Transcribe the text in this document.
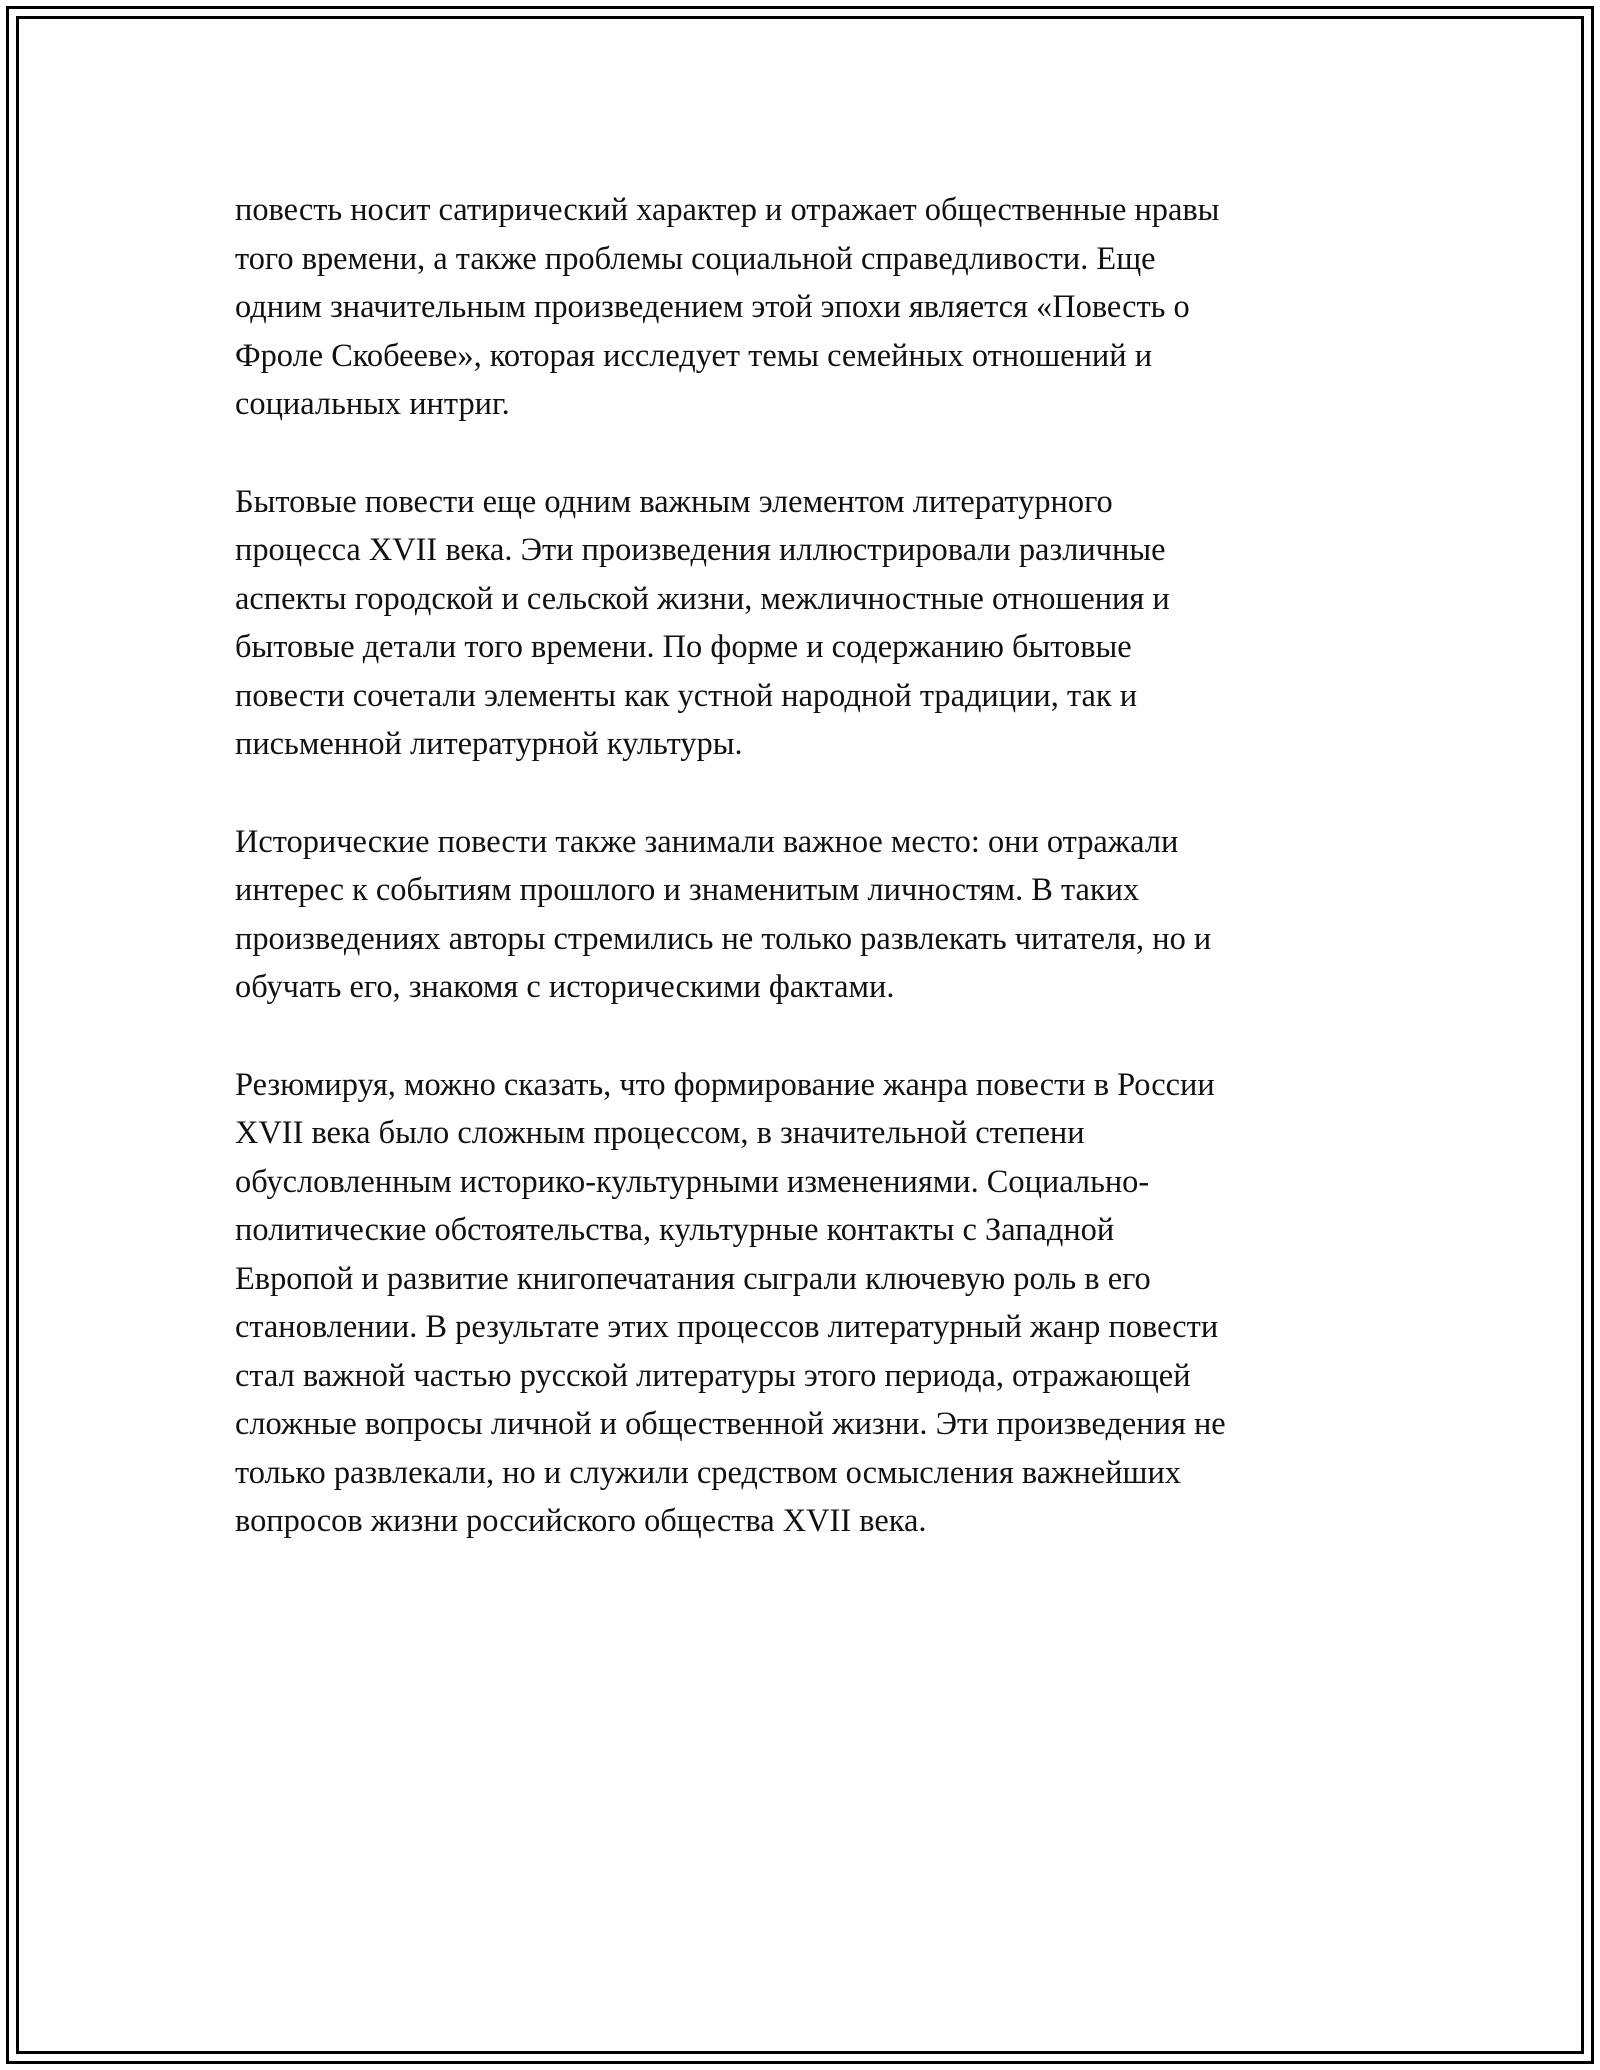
повесть носит сатирический характер и отражает общественные нравы
того времени, а также проблемы социальной справедливости. Еще
одним значительным произведением этой эпохи является «Повесть о
Фроле Скобееве», которая исследует темы семейных отношений и
социальных интриг.

Бытовые повести еще одним важным элементом литературного
процесса XVII века. Эти произведения иллюстрировали различные
аспекты городской и сельской жизни, межличностные отношения и
бытовые детали того времени. По форме и содержанию бытовые
повести сочетали элементы как устной народной традиции, так и
письменной литературной культуры.

Исторические повести также занимали важное место: они отражали
интерес к событиям прошлого и знаменитым личностям. В таких
произведениях авторы стремились не только развлекать читателя, но и
обучать его, знакомя с историческими фактами.

Резюмируя, можно сказать, что формирование жанра повести в России
XVII века было сложным процессом, в значительной степени
обусловленным историко-культурными изменениями. Социально-
политические обстоятельства, культурные контакты с Западной
Европой и развитие книгопечатания сыграли ключевую роль в его
становлении. В результате этих процессов литературный жанр повести
стал важной частью русской литературы этого периода, отражающей
сложные вопросы личной и общественной жизни. Эти произведения не
только развлекали, но и служили средством осмысления важнейших
вопросов жизни российского общества XVII века.
